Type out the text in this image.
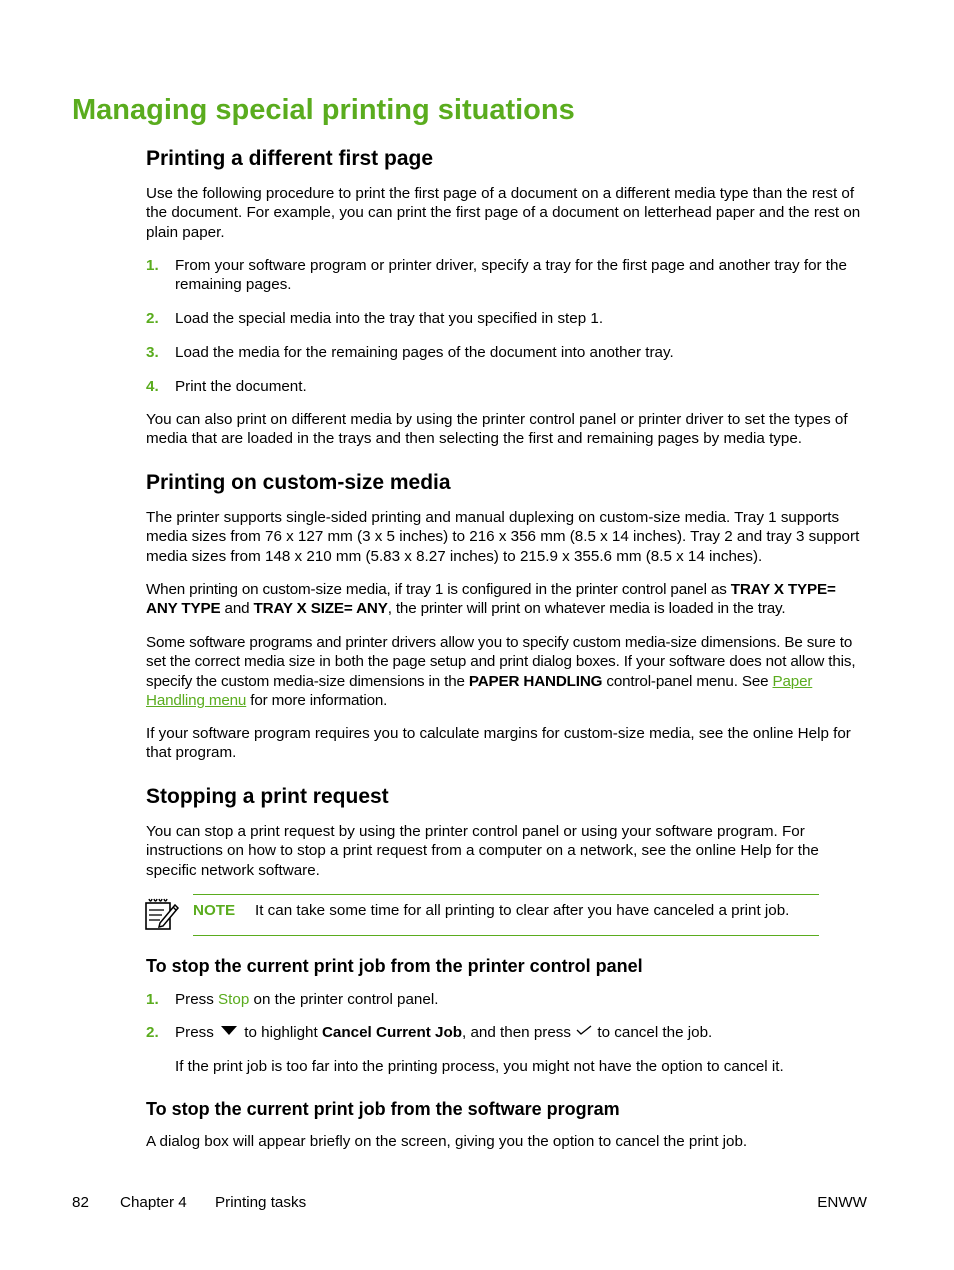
Managing special printing situations
Printing a different first page
Use the following procedure to print the first page of a document on a different media type than the rest of the document. For example, you can print the first page of a document on letterhead paper and the rest on plain paper.
1. From your software program or printer driver, specify a tray for the first page and another tray for the remaining pages.
2. Load the special media into the tray that you specified in step 1.
3. Load the media for the remaining pages of the document into another tray.
4. Print the document.
You can also print on different media by using the printer control panel or printer driver to set the types of media that are loaded in the trays and then selecting the first and remaining pages by media type.
Printing on custom-size media
The printer supports single-sided printing and manual duplexing on custom-size media. Tray 1 supports media sizes from 76 x 127 mm (3 x 5 inches) to 216 x 356 mm (8.5 x 14 inches). Tray 2 and tray 3 support media sizes from 148 x 210 mm (5.83 x 8.27 inches) to 215.9 x 355.6 mm (8.5 x 14 inches).
When printing on custom-size media, if tray 1 is configured in the printer control panel as TRAY X TYPE= ANY TYPE and TRAY X SIZE= ANY, the printer will print on whatever media is loaded in the tray.
Some software programs and printer drivers allow you to specify custom media-size dimensions. Be sure to set the correct media size in both the page setup and print dialog boxes. If your software does not allow this, specify the custom media-size dimensions in the PAPER HANDLING control-panel menu. See Paper Handling menu for more information.
If your software program requires you to calculate margins for custom-size media, see the online Help for that program.
Stopping a print request
You can stop a print request by using the printer control panel or using your software program. For instructions on how to stop a print request from a computer on a network, see the online Help for the specific network software.
NOTE It can take some time for all printing to clear after you have canceled a print job.
To stop the current print job from the printer control panel
1. Press Stop on the printer control panel.
2. Press  to highlight Cancel Current Job, and then press  to cancel the job.
If the print job is too far into the printing process, you might not have the option to cancel it.
To stop the current print job from the software program
A dialog box will appear briefly on the screen, giving you the option to cancel the print job.
82 Chapter 4 Printing tasks	ENWW
